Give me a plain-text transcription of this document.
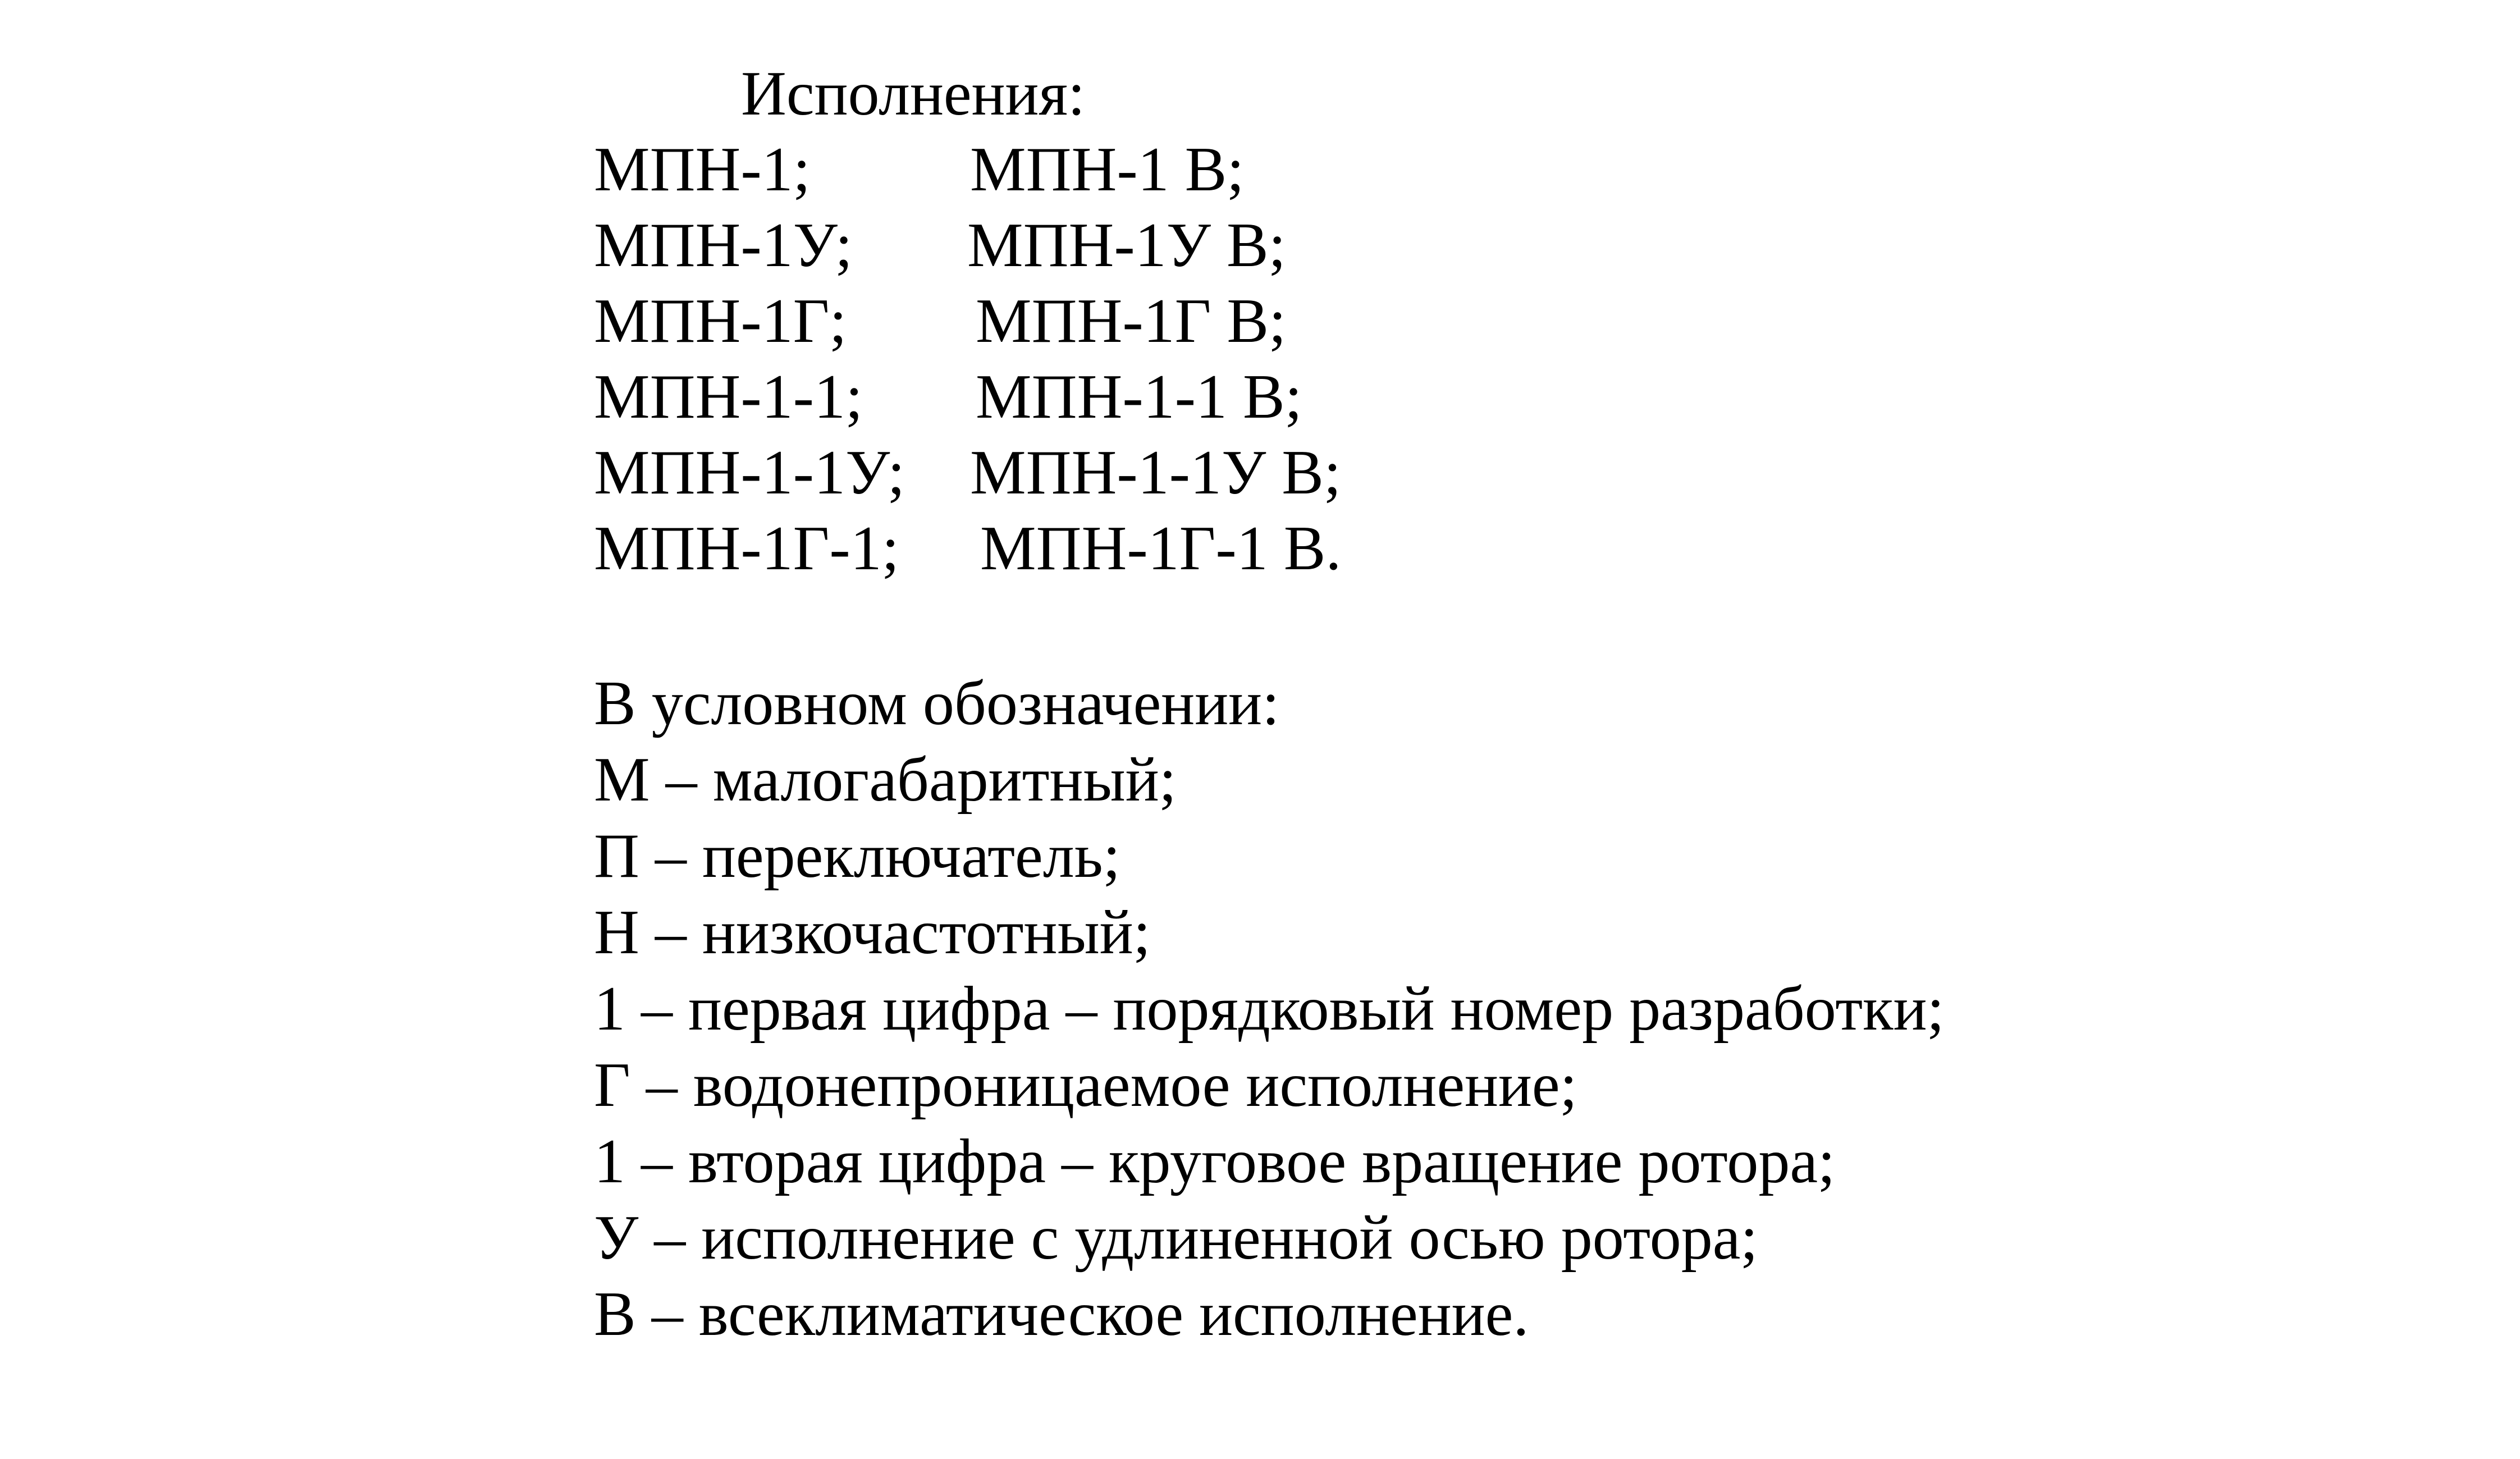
Исполнения:
МПН-1;	МПН-1 В;
МПН-1У; МПН-1У В;
МПН-1Г; МПН-1Г В;
МПН-1-1; МПН-1-1 В;
МПН-1-1У; МПН-1-1У В;
МПН-1Г-1; МПН-1Г-1 В.
В условном обозначении:
М – малогабаритный;
П – переключатель;
Н – низкочастотный;
1 – первая цифра – порядковый номер разработки;
Г – водонепроницаемое исполнение;
1 – вторая цифра – круговое вращение ротора;
У – исполнение с удлиненной осью ротора;
В – всеклиматическое исполнение.
